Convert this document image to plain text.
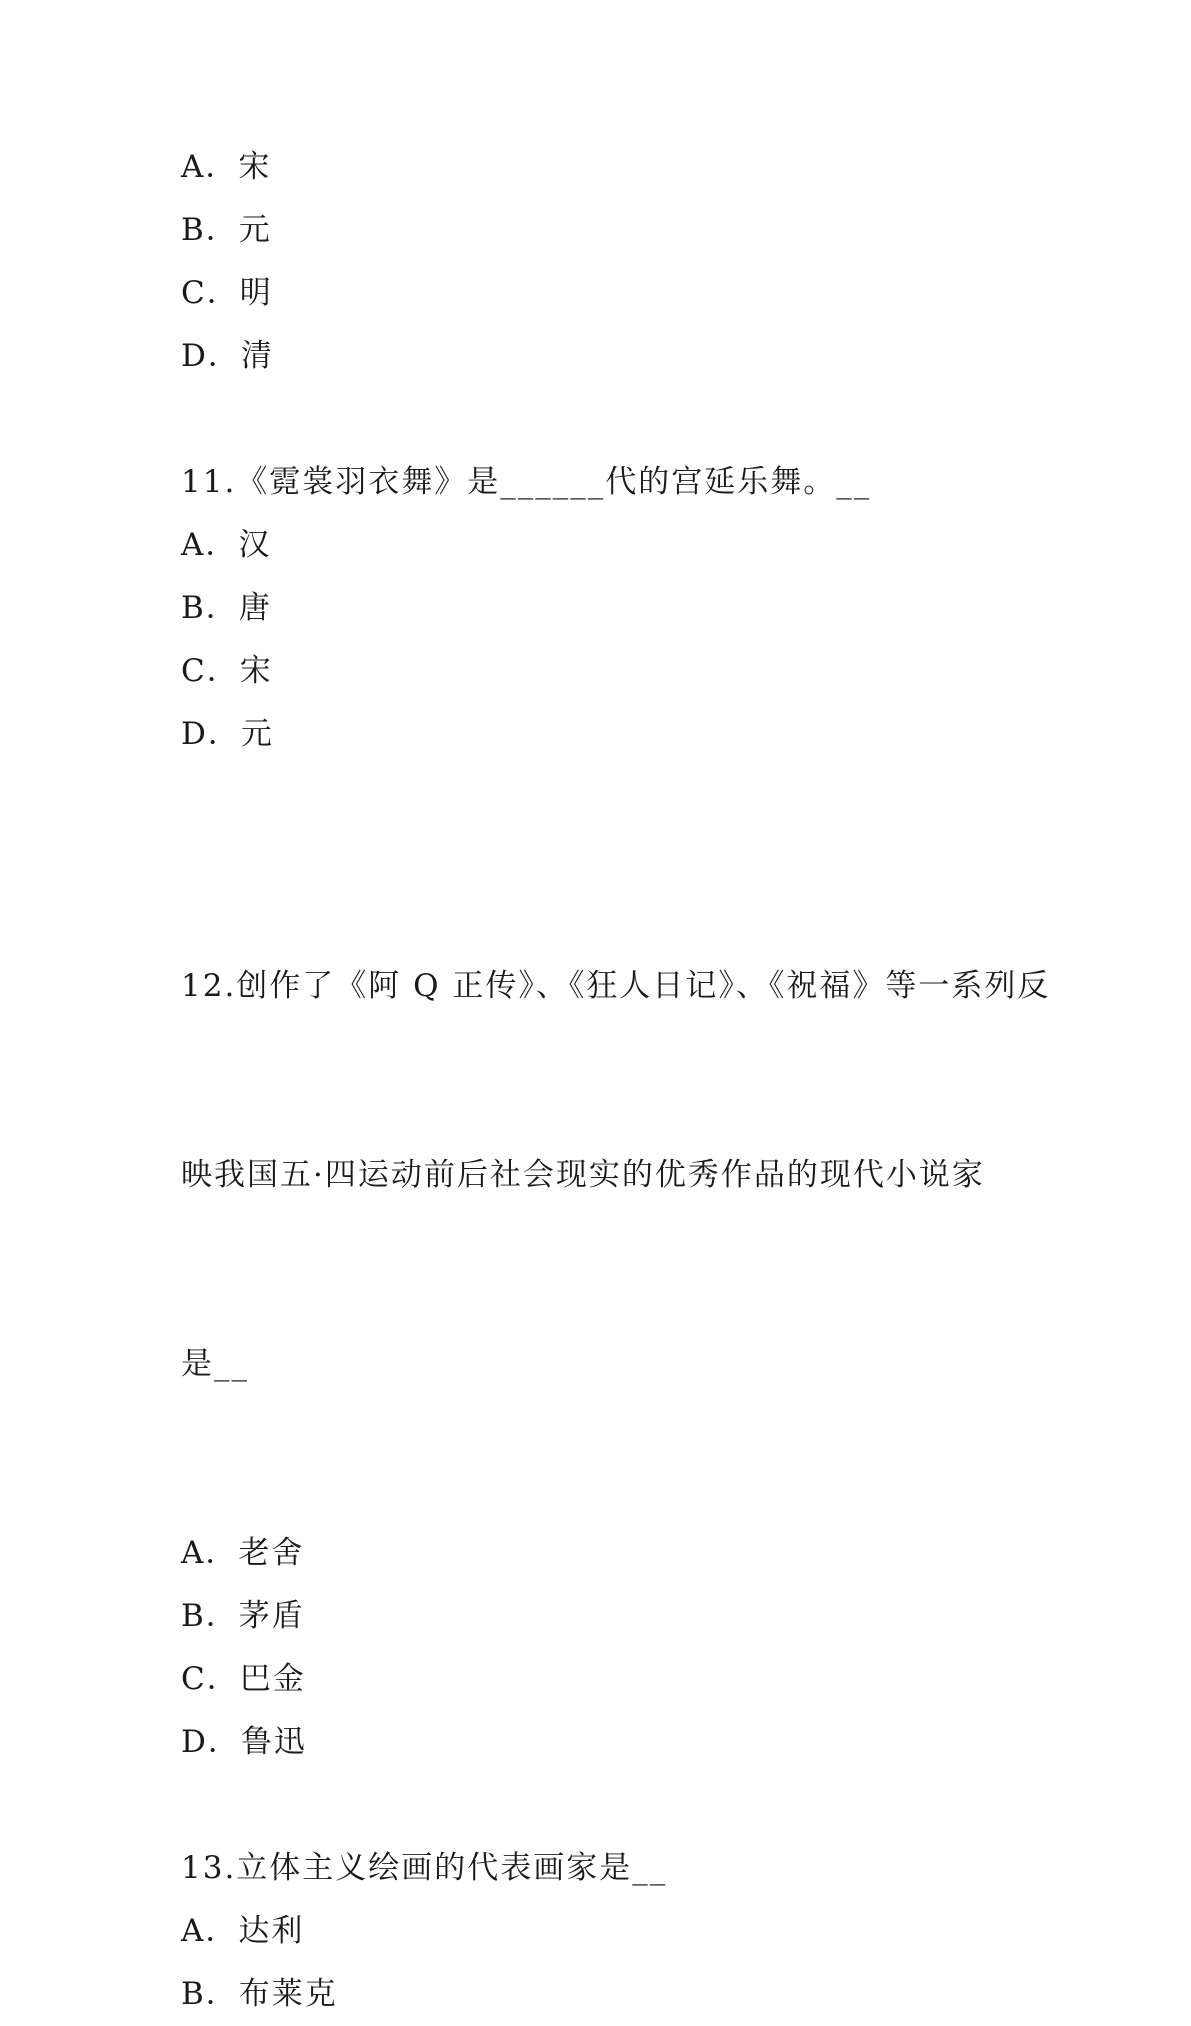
A．宋
B．元
C．明
D．清
11.《霓裳羽衣舞》是______代的宫延乐舞。__
A．汉
B．唐
C．宋
D．元

12.创作了《阿 Q 正传》、《狂人日记》、《祝福》等一系列反

映我国五·四运动前后社会现实的优秀作品的现代小说家

是__

A．老舍
B．茅盾
C．巴金
D．鲁迅
13.立体主义绘画的代表画家是__
A．达利
B．布莱克
